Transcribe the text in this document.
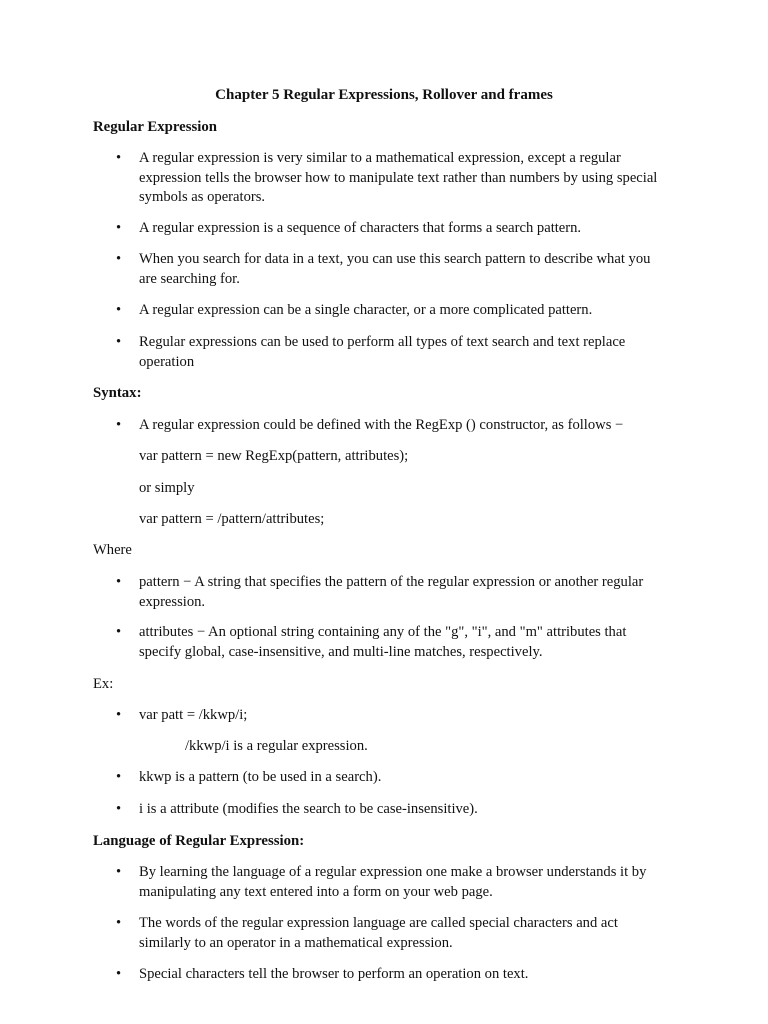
Chapter 5 Regular Expressions, Rollover and frames
Regular Expression
• A regular expression is very similar to a mathematical expression, except a regular expression tells the browser how to manipulate text rather than numbers by using special symbols as operators.
• A regular expression is a sequence of characters that forms a search pattern.
• When you search for data in a text, you can use this search pattern to describe what you are searching for.
• A regular expression can be a single character, or a more complicated pattern.
• Regular expressions can be used to perform all types of text search and text replace operation
Syntax:
• A regular expression could be defined with the RegExp () constructor, as follows −
var pattern = new RegExp(pattern, attributes);
or simply
var pattern = /pattern/attributes;
Where
• pattern − A string that specifies the pattern of the regular expression or another regular expression.
• attributes − An optional string containing any of the "g", "i", and "m" attributes that specify global, case-insensitive, and multi-line matches, respectively.
Ex:
• var patt = /kkwp/i;
/kkwp/i is a regular expression.
• kkwp is a pattern (to be used in a search).
• i is a attribute (modifies the search to be case-insensitive).
Language of Regular Expression:
• By learning the language of a regular expression one make a browser understands it by manipulating any text entered into a form on your web page.
• The words of the regular expression language are called special characters and act similarly to an operator in a mathematical expression.
• Special characters tell the browser to perform an operation on text.
